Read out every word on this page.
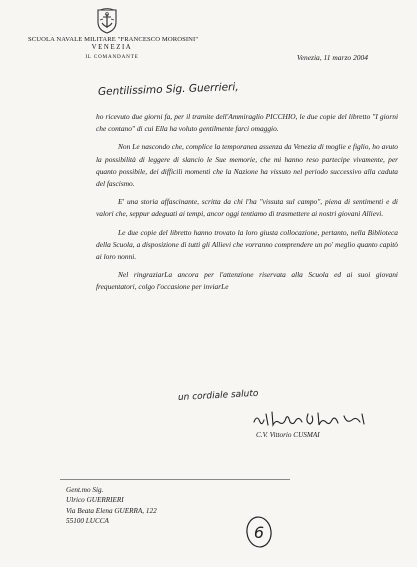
SCUOLA NAVALE MILITARE "FRANCESCO MOROSINI"
VENEZIA
IL COMANDANTE	Venezia, 11 marzo 2004
Gentilissimo Sig. Guerrieri,

ho ricevuto due giorni fa, per il tramite dell'Ammiraglio PICCHIO, le due copie del libretto "I giorni che contano" di cui Ella ha voluto gentilmente farci omaggio.

Non Le nascondo che, complice la temporanea assenza da Venezia di moglie e figlio, ho avuto la possibilità di leggere di slancio le Sue memorie, che mi hanno reso partecipe vivamente, per quanto possibile, dei difficili momenti che la Nazione ha vissuto nel periodo successivo alla caduta del fascismo.

E' una storia affascinante, scritta da chi l'ha "vissuta sul campo", piena di sentimenti e di valori che, seppur adeguati ai tempi, ancor oggi tentiamo di trasmettere ai nostri giovani Allievi.

Le due copie del libretto hanno trovato la loro giusta collocazione, pertanto, nella Biblioteca della Scuola, a disposizione di tutti gli Allievi che vorranno comprendere un po' meglio quanto capitò ai loro nonni.

Nel ringraziarLa ancora per l'attenzione riservata alla Scuola ed ai suoi giovani frequentatori, colgo l'occasione per inviarLe

un cordiale saluto
C.V. Vittorio CUSMAI
Gent.mo Sig.
Ulrico GUERRIERI
Via Beata Elena GUERRA, 122
55100 LUCCA
6
